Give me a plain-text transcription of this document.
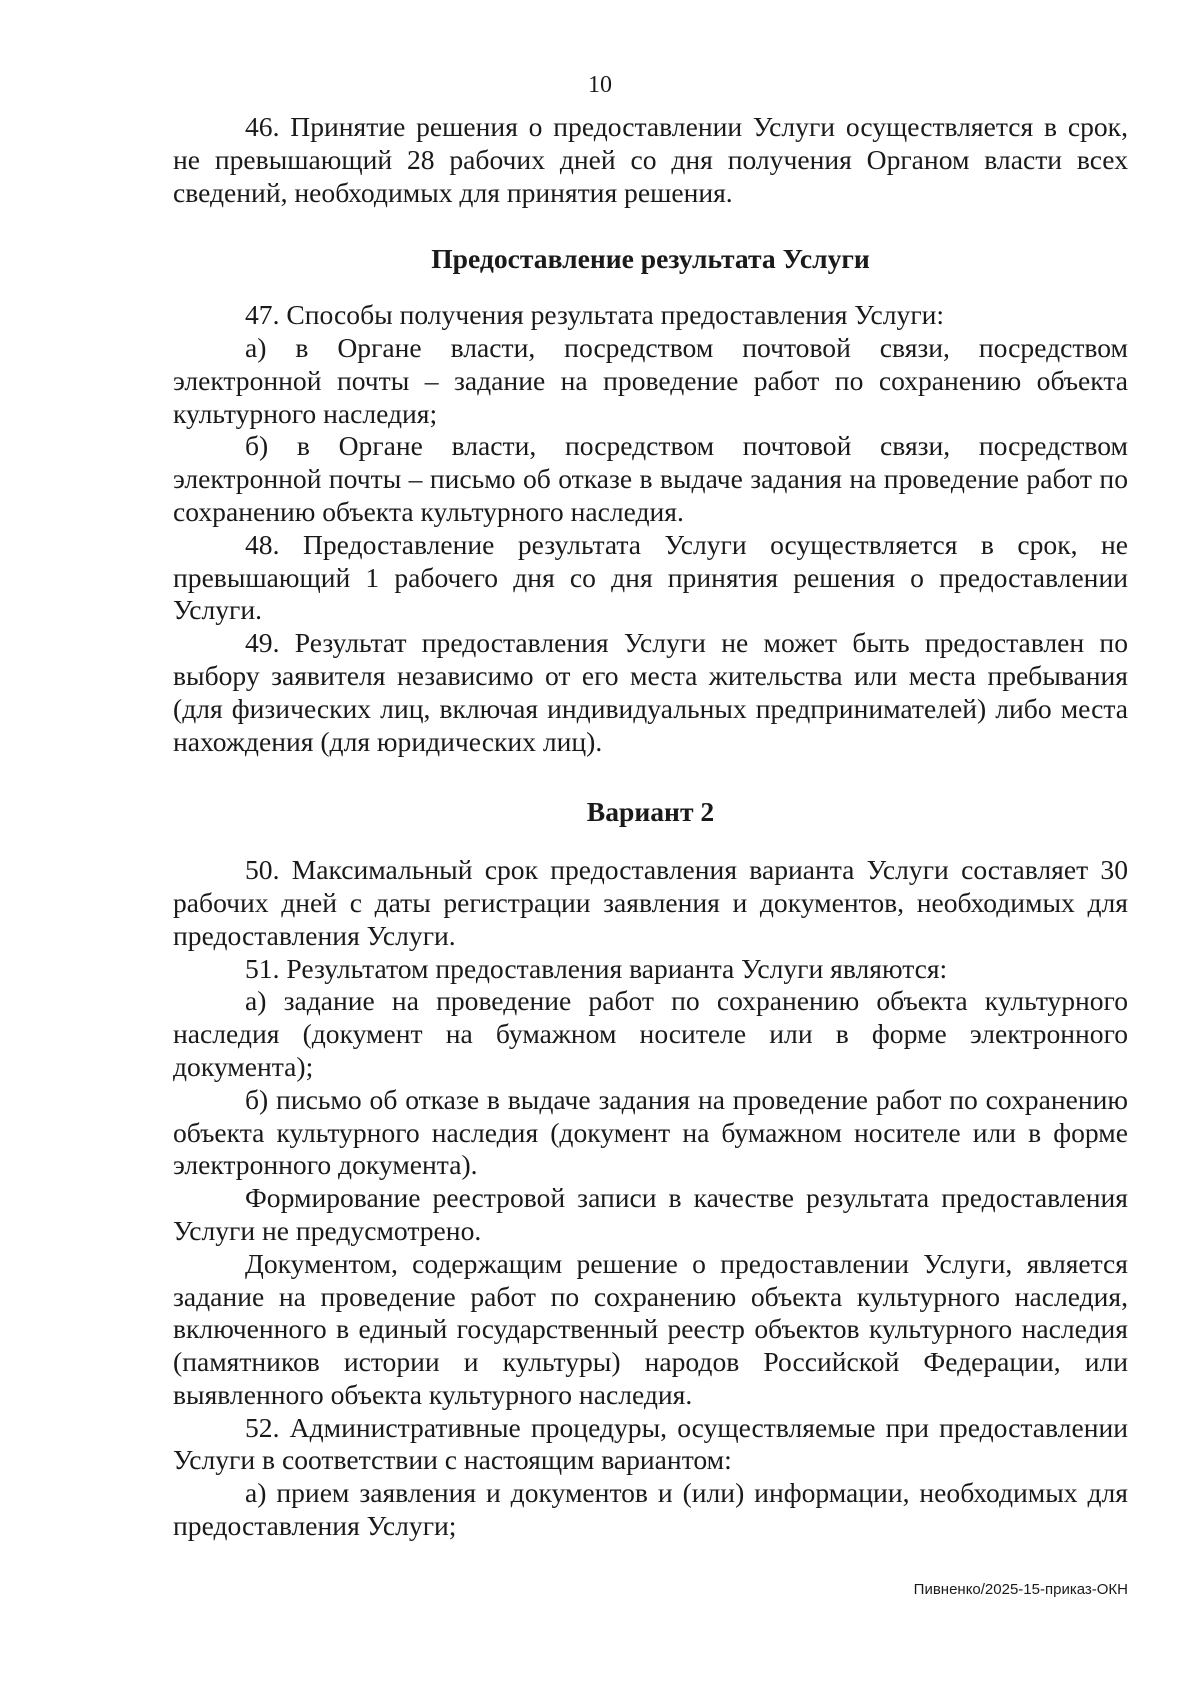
10

46. Принятие решения о предоставлении Услуги осуществляется в срок, не превышающий 28 рабочих дней со дня получения Органом власти всех сведений, необходимых для принятия решения.

Предоставление результата Услуги

47. Способы получения результата предоставления Услуги:

а) в Органе власти, посредством почтовой связи, посредством электронной почты – задание на проведение работ по сохранению объекта культурного наследия;

б) в Органе власти, посредством почтовой связи, посредством электронной почты – письмо об отказе в выдаче задания на проведение работ по сохранению объекта культурного наследия.

48. Предоставление результата Услуги осуществляется в срок, не превышающий 1 рабочего дня со дня принятия решения о предоставлении Услуги.

49. Результат предоставления Услуги не может быть предоставлен по выбору заявителя независимо от его места жительства или места пребывания (для физических лиц, включая индивидуальных предпринимателей) либо места нахождения (для юридических лиц).

Вариант 2

50. Максимальный срок предоставления варианта Услуги составляет 30 рабочих дней с даты регистрации заявления и документов, необходимых для предоставления Услуги.

51. Результатом предоставления варианта Услуги являются:

а) задание на проведение работ по сохранению объекта культурного наследия (документ на бумажном носителе или в форме электронного документа);

б) письмо об отказе в выдаче задания на проведение работ по сохранению объекта культурного наследия (документ на бумажном носителе или в форме электронного документа).

Формирование реестровой записи в качестве результата предоставления Услуги не предусмотрено.

Документом, содержащим решение о предоставлении Услуги, является задание на проведение работ по сохранению объекта культурного наследия, включенного в единый государственный реестр объектов культурного наследия (памятников истории и культуры) народов Российской Федерации, или выявленного объекта культурного наследия.

52. Административные процедуры, осуществляемые при предоставлении Услуги в соответствии с настоящим вариантом:

а) прием заявления и документов и (или) информации, необходимых для предоставления Услуги;

Пивненко/2025-15-приказ-ОКН
